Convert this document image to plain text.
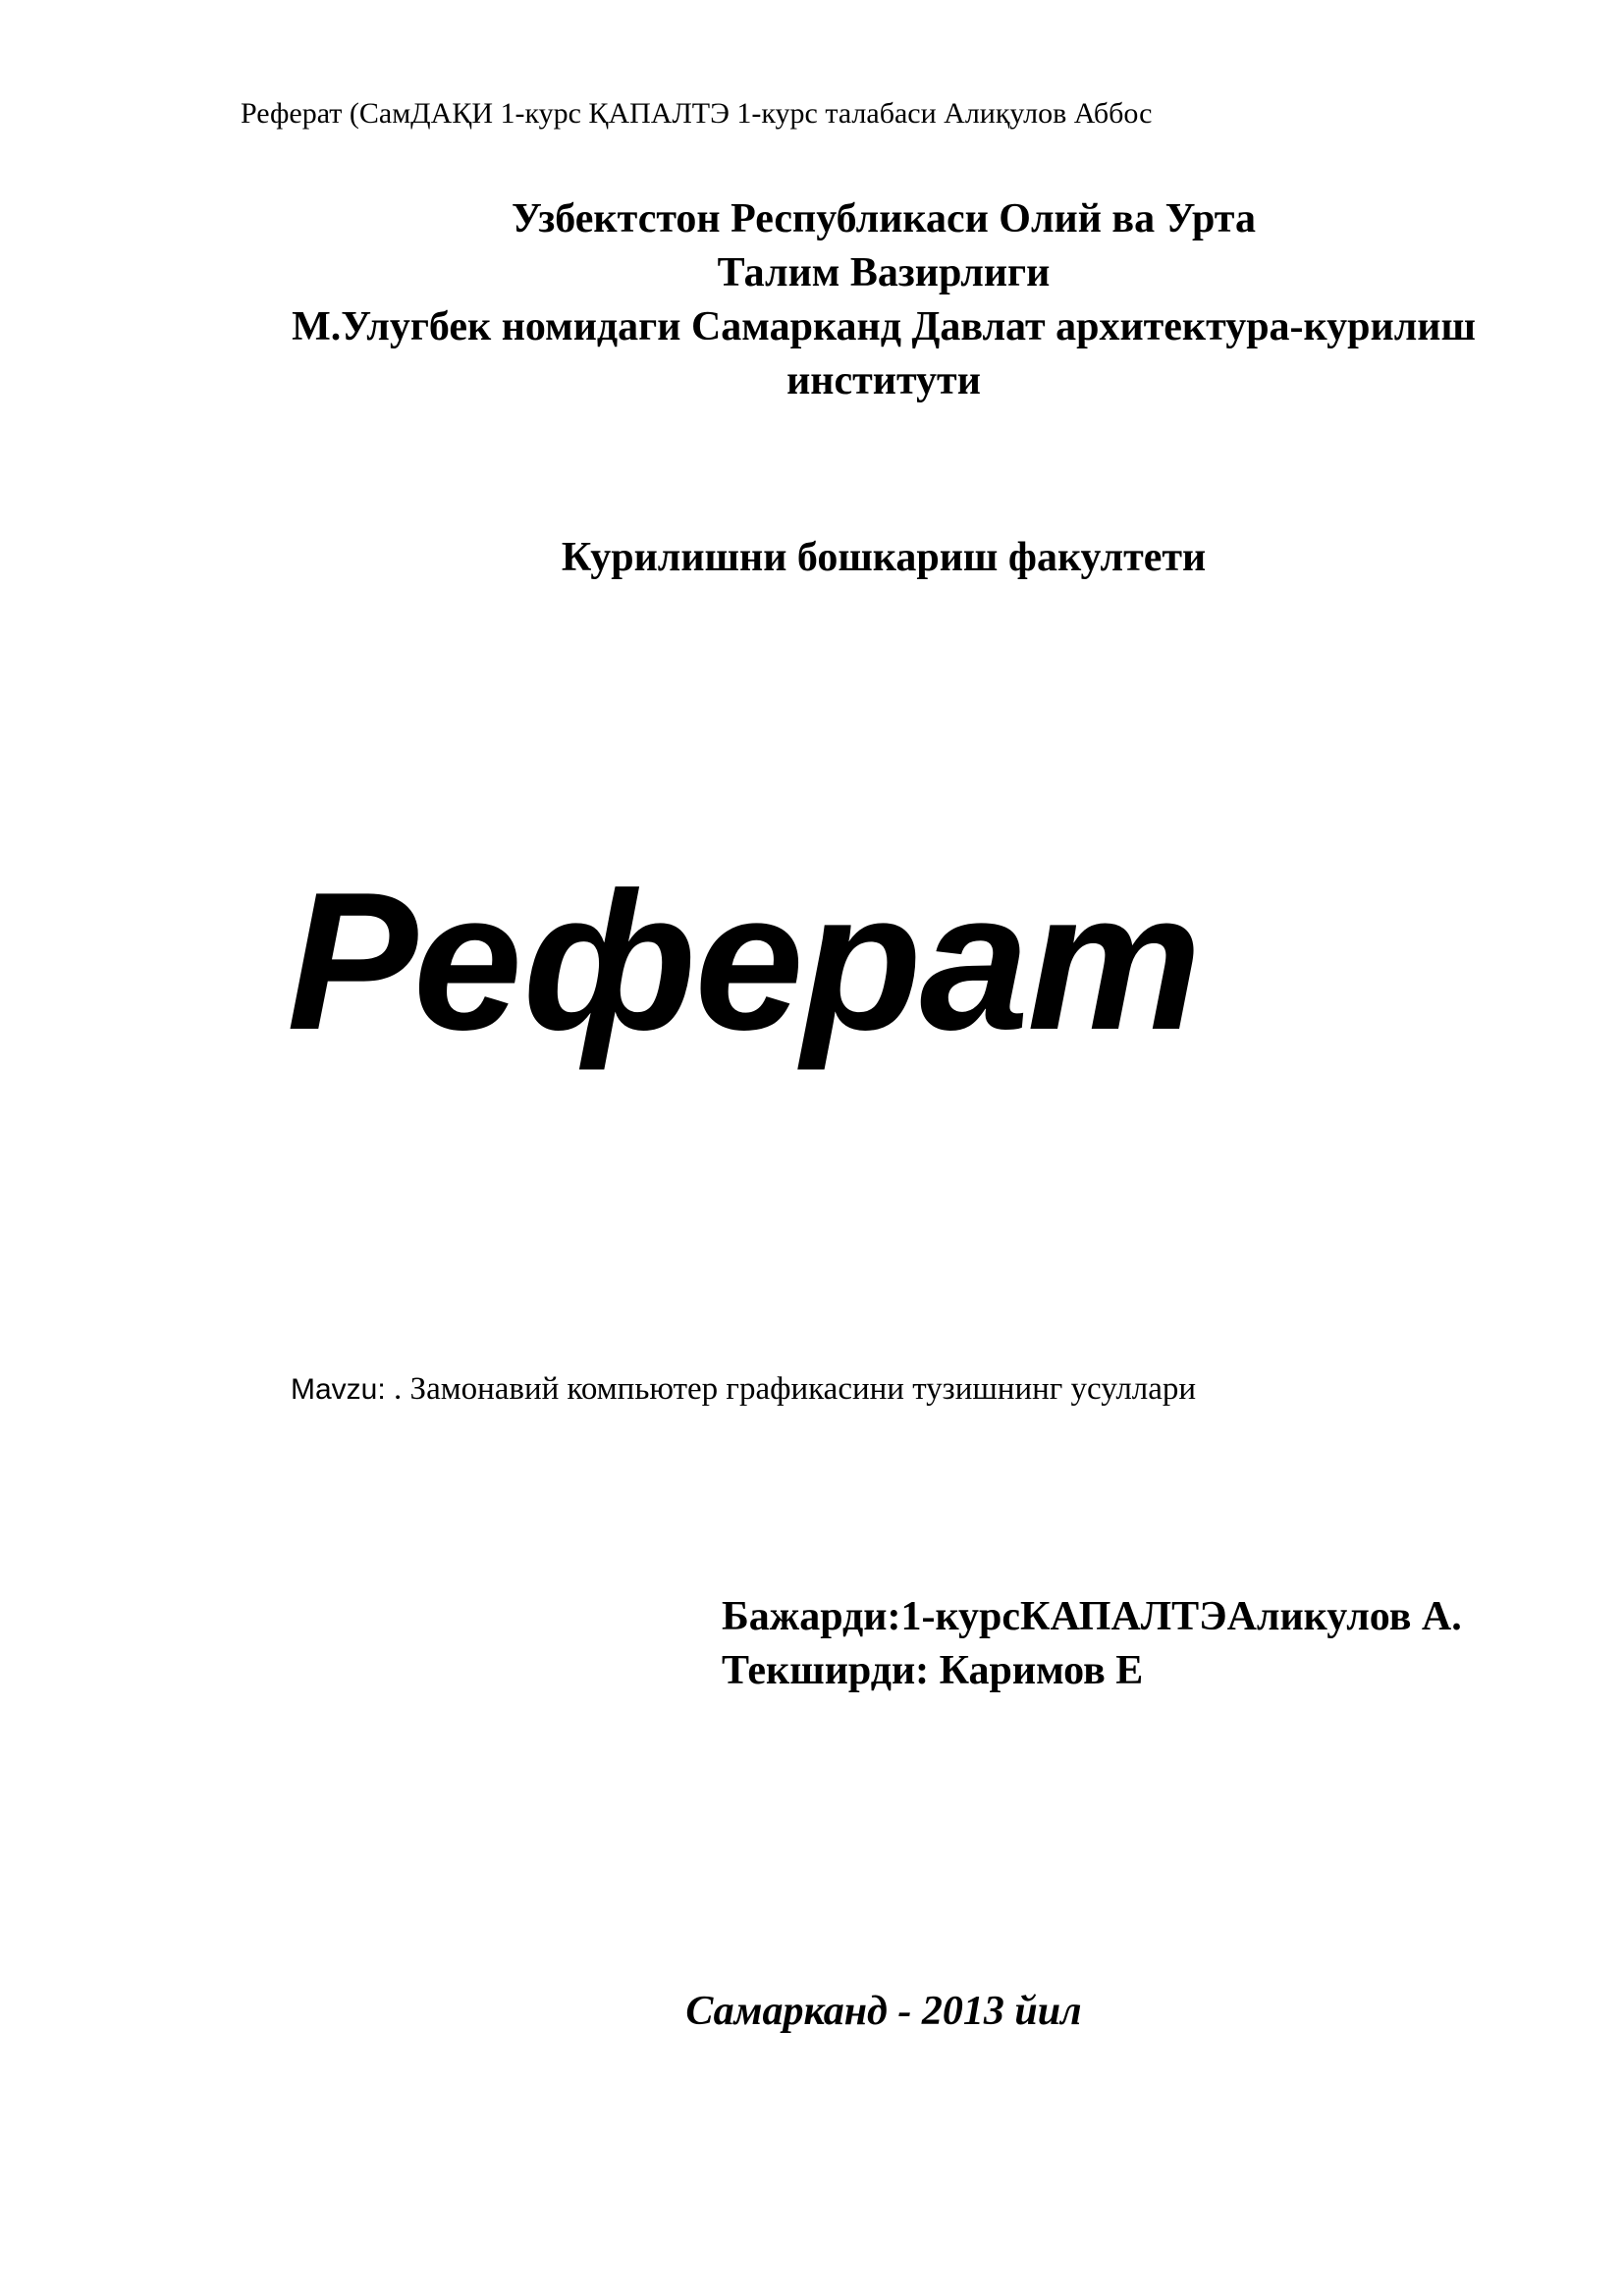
Реферат (СамДАҚИ 1-курс ҚАПАЛТЭ 1-курс талабаси Алиқулов Аббос
Узбектстон Республикаси Олий ва Урта
Талим Вазирлиги
М.Улугбек номидаги Самарканд Давлат архитектура-курилиш
институти
Курилишни бошкариш факултети
Реферат
Mavzu: . Замонавий компьютер графикасини тузишнинг усуллари
Бажарди:1-курсКАПАЛТЭАликулов А.
Текширди: Каримов Е
Самарканд - 2013 йил
